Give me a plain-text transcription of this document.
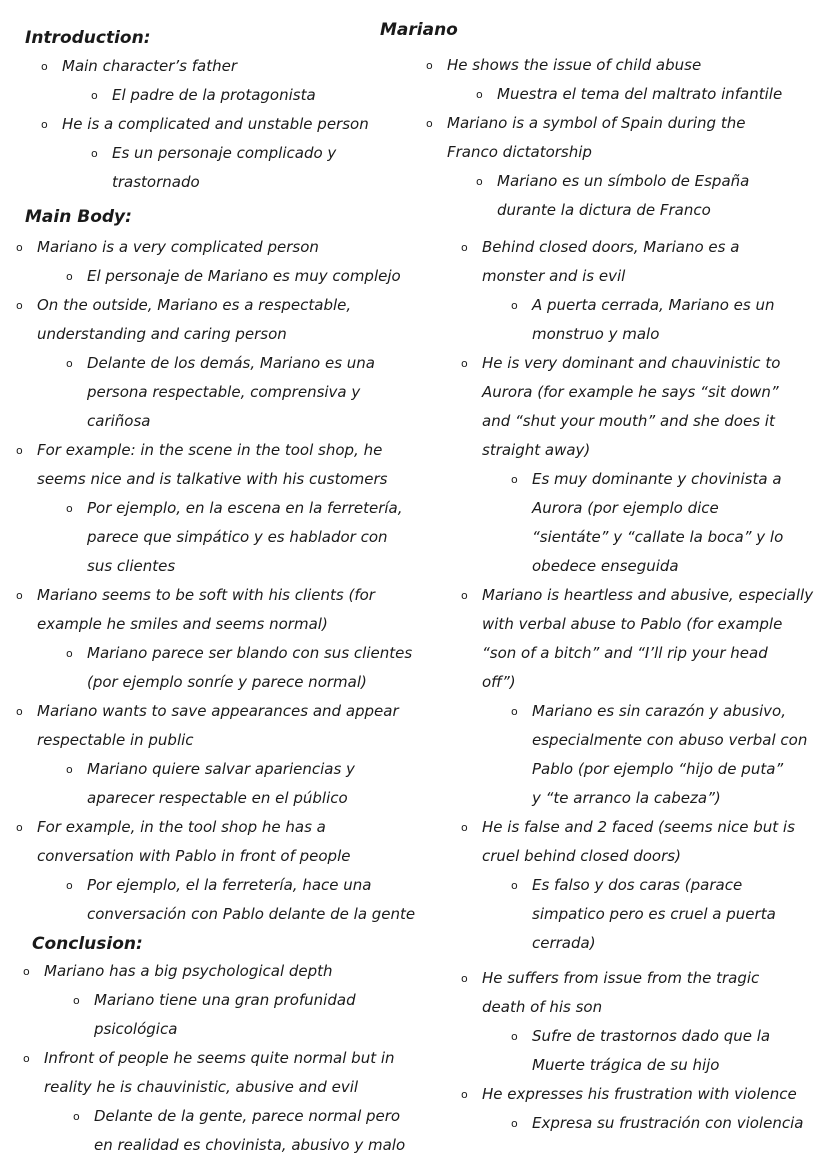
Mariano
Introduction:
Main Body:
Conclusion:
o Main character’s father
o El padre de la protagonista
o He is a complicated and unstable person
o Es un personaje complicado y
trastornado
o Mariano is a very complicated person
o El personaje de Mariano es muy complejo
o On the outside, Mariano es a respectable,
understanding and caring person
o Delante de los demás, Mariano es una
persona respectable, comprensiva y
cariñosa
o For example: in the scene in the tool shop, he
seems nice and is talkative with his customers
o Por ejemplo, en la escena en la ferretería,
parece que simpático y es hablador con
sus clientes
o Mariano seems to be soft with his clients (for
example he smiles and seems normal)
o Mariano parece ser blando con sus clientes
(por ejemplo sonríe y parece normal)
o Mariano wants to save appearances and appear
respectable in public
o Mariano quiere salvar apariencias y
aparecer respectable en el público
o For example, in the tool shop he has a
conversation with Pablo in front of people
o Por ejemplo, el la ferretería, hace una
conversación con Pablo delante de la gente
o Mariano has a big psychological depth
o Mariano tiene una gran profunidad
psicológica
o Infront of people he seems quite normal but in
reality he is chauvinistic, abusive and evil
o Delante de la gente, parece normal pero
en realidad es chovinista, abusivo y malo
o He shows the issue of child abuse
o Muestra el tema del maltrato infantile
o Mariano is a symbol of Spain during the
Franco dictatorship
o Mariano es un símbolo de España
durante la dictura de Franco
o Behind closed doors, Mariano es a
monster and is evil
o A puerta cerrada, Mariano es un
monstruo y malo
o He is very dominant and chauvinistic to
Aurora (for example he says “sit down”
and “shut your mouth” and she does it
straight away)
o Es muy dominante y chovinista a
Aurora (por ejemplo dice
“sientáte” y “callate la boca” y lo
obedece enseguida
o Mariano is heartless and abusive, especially
with verbal abuse to Pablo (for example
“son of a bitch” and “I’ll rip your head
off”)
o Mariano es sin carazón y abusivo,
especialmente con abuso verbal con
Pablo (por ejemplo “hijo de puta”
y “te arranco la cabeza”)
o He is false and 2 faced (seems nice but is
cruel behind closed doors)
o Es falso y dos caras (parace
simpatico pero es cruel a puerta
cerrada)
o He suffers from issue from the tragic
death of his son
o Sufre de trastornos dado que la
Muerte trágica de su hijo
o He expresses his frustration with violence
o Expresa su frustración con violencia
